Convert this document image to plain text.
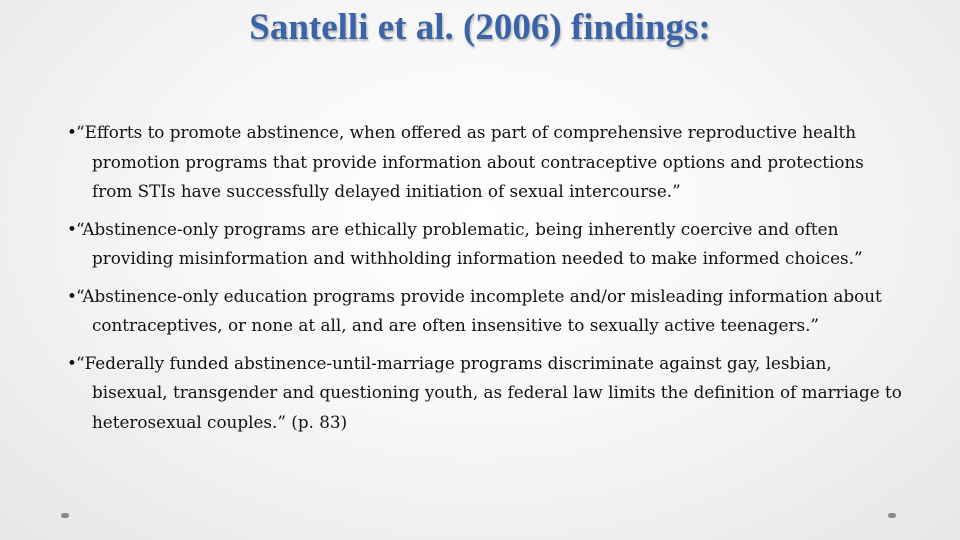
Santelli et al. (2006) findings:
•“Efforts to promote abstinence, when offered as part of comprehensive reproductive health promotion programs that provide information about contraceptive options and protections from STIs have successfully delayed initiation of sexual intercourse.”
•“Abstinence-only programs are ethically problematic, being inherently coercive and often providing misinformation and withholding information needed to make informed choices.”
•“Abstinence-only education programs provide incomplete and/or misleading information about contraceptives, or none at all, and are often insensitive to sexually active teenagers.”
•“Federally funded abstinence-until-marriage programs discriminate against gay, lesbian, bisexual, transgender and questioning youth, as federal law limits the definition of marriage to heterosexual couples.” (p. 83)
